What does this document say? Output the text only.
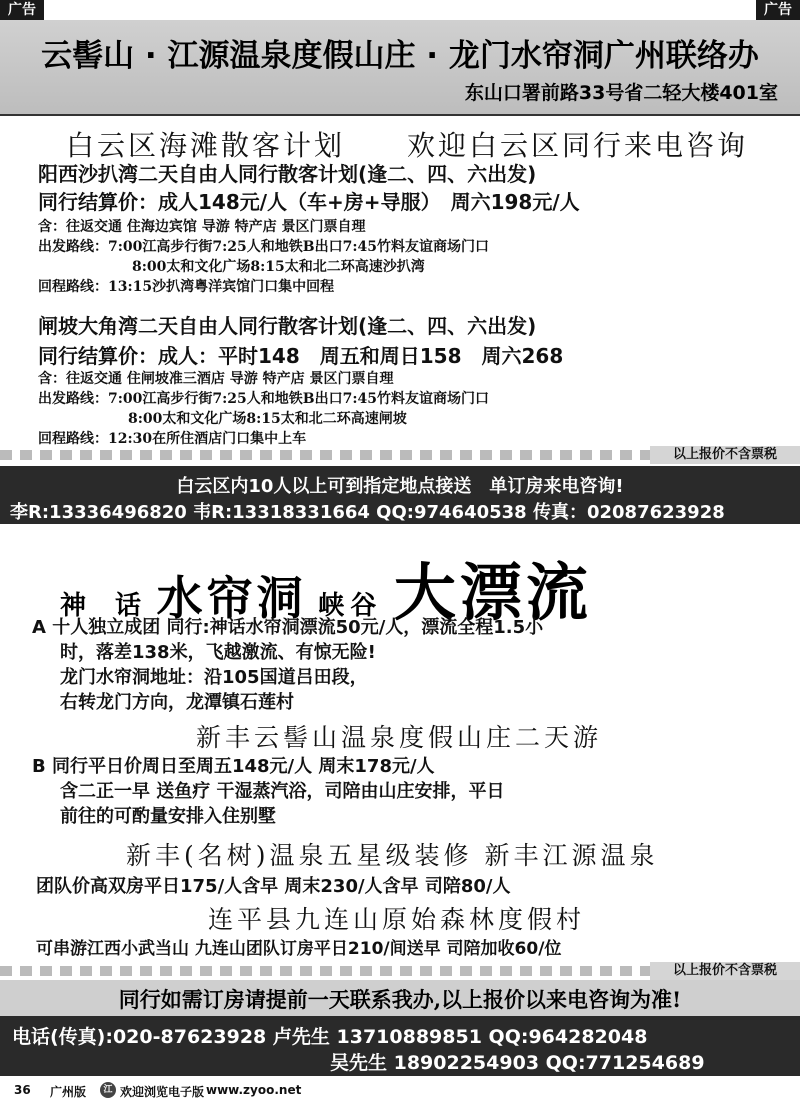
广告	广告
云髻山 · 江源温泉度假山庄 · 龙门水帘洞广州联络办
东山口署前路33号省二轻大楼401室
白云区海滩散客计划　　欢迎白云区同行来电咨询
阳西沙扒湾二天自由人同行散客计划(逢二、四、六出发)
同行结算价：成人148元/人（车+房+导服）　周六198元/人
含：往返交通 住海边宾馆 导游 特产店 景区门票自理
出发路线：7:00江高步行街7:25人和地铁B出口7:45竹料友谊商场门口
8:00太和文化广场8:15太和北二环高速沙扒湾
回程路线：13:15沙扒湾粤洋宾馆门口集中回程
闸坡大角湾二天自由人同行散客计划(逢二、四、六出发)
同行结算价：成人：平时148　周五和周日158　周六268
含：往返交通 住闸坡准三酒店 导游 特产店 景区门票自理
出发路线：7:00江高步行街7:25人和地铁B出口7:45竹料友谊商场门口
8:00太和文化广场8:15太和北二环高速闸坡
回程路线：12:30在所住酒店门口集中上车
以上报价不含票税
白云区内10人以上可到指定地点接送　单订房来电咨询!
李R:13336496820 韦R:13318331664 QQ:974640538 传真：02087623928
神 话 水帘洞 峡谷 大漂流
A 十人独立成团 同行:神话水帘洞漂流50元/人，漂流全程1.5小
时，落差138米，飞越激流、有惊无险!
龙门水帘洞地址：沿105国道吕田段，
右转龙门方向，龙潭镇石莲村
新丰云髻山温泉度假山庄二天游
B 同行平日价周日至周五148元/人 周末178元/人
含二正一早 送鱼疗 干湿蒸汽浴，司陪由山庄安排，平日
前往的可酌量安排入住别墅
新丰(名树)温泉五星级装修 新丰江源温泉
团队价高双房平日175/人含早 周末230/人含早 司陪80/人
连平县九连山原始森林度假村
可串游江西小武当山 九连山团队订房平日210/间送早 司陪加收60/位
以上报价不含票税
同行如需订房请提前一天联系我办,以上报价以来电咨询为准!
电话(传真):020-87623928 卢先生 13710889851 QQ:964282048
吴先生 18902254903 QQ:771254689
36 广州版	江 欢迎浏览电子版 www.zyoo.net
